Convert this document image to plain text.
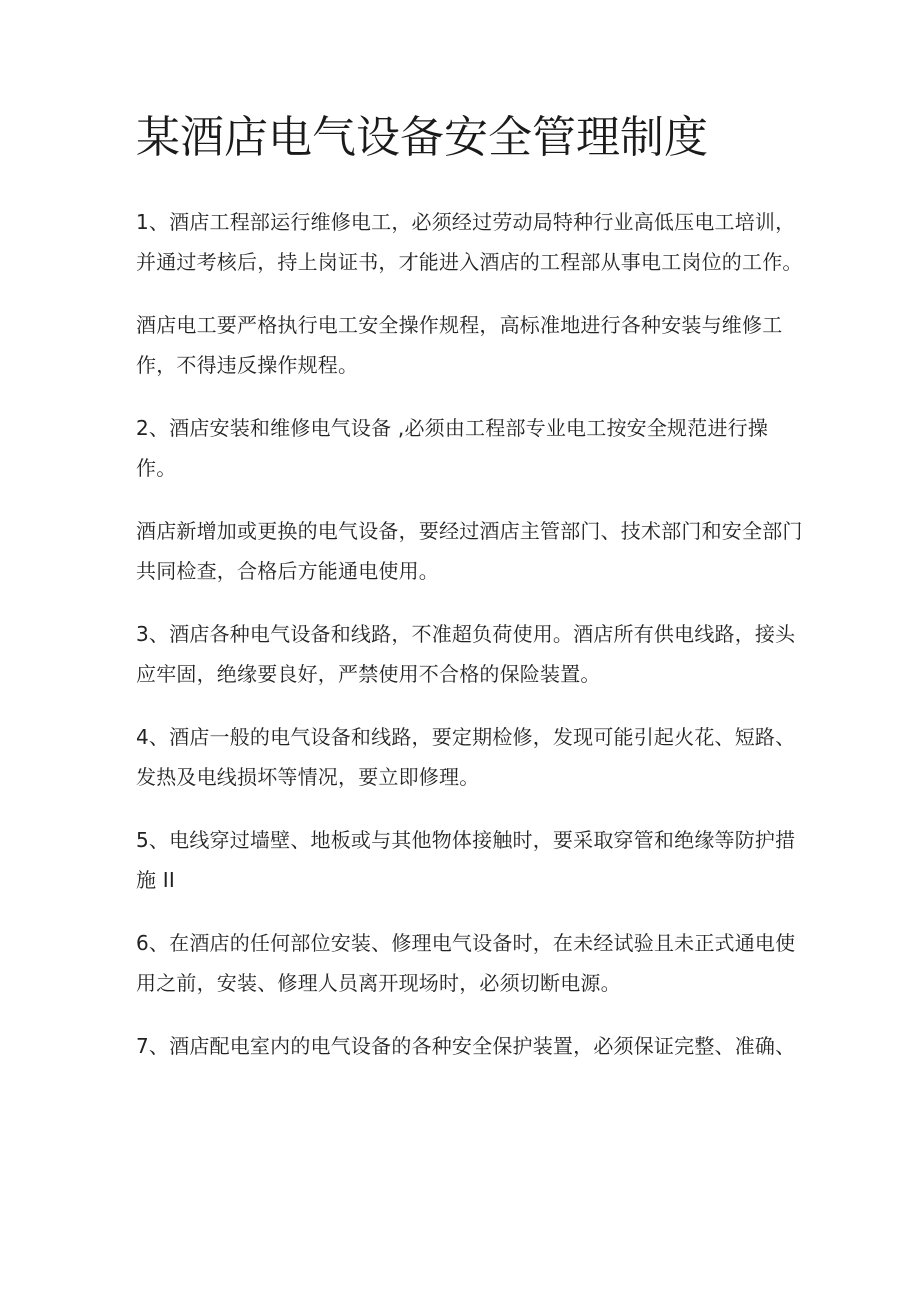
某酒店电气设备安全管理制度

1、酒店工程部运行维修电工，必须经过劳动局特种行业高低压电工培训，并通过考核后，持上岗证书，才能进入酒店的工程部从事电工岗位的工作。

酒店电工要严格执行电工安全操作规程，高标准地进行各种安装与维修工作，不得违反操作规程。

2、酒店安装和维修电气设备 ,必须由工程部专业电工按安全规范进行操作。

酒店新增加或更换的电气设备，要经过酒店主管部门、技术部门和安全部门共同检查，合格后方能通电使用。

3、酒店各种电气设备和线路，不准超负荷使用。酒店所有供电线路，接头应牢固，绝缘要良好，严禁使用不合格的保险装置。

4、酒店一般的电气设备和线路，要定期检修，发现可能引起火花、短路、发热及电线损坏等情况，要立即修理。

5、电线穿过墙壁、地板或与其他物体接触时，要采取穿管和绝缘等防护措施 II

6、在酒店的任何部位安装、修理电气设备时，在未经试验且未正式通电使用之前，安装、修理人员离开现场时，必须切断电源。

7、酒店配电室内的电气设备的各种安全保护装置，必须保证完整、准确、
